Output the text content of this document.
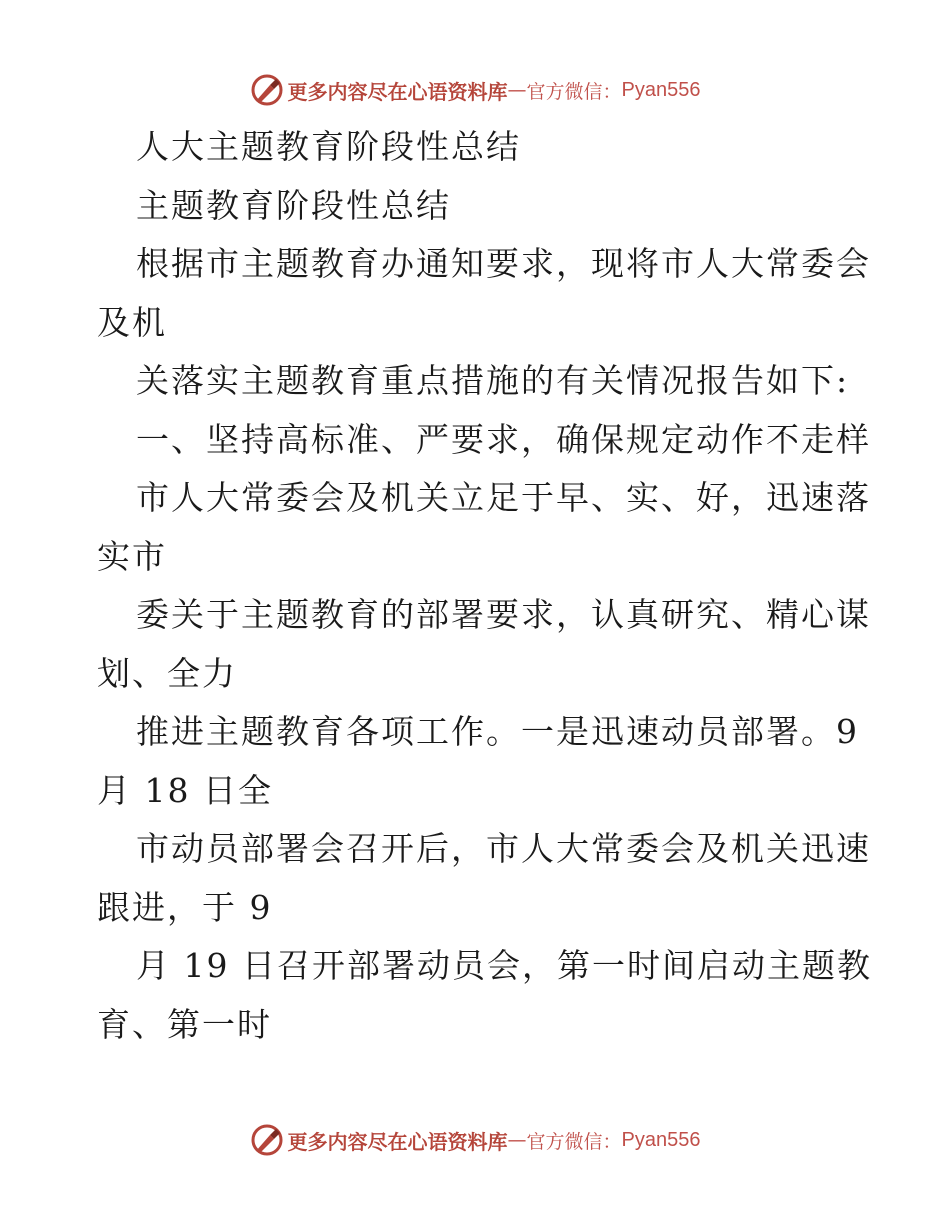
更多内容尽在心语资料库 — 官方微信： Pyan556
人大主题教育阶段性总结
主题教育阶段性总结
根据市主题教育办通知要求，现将市人大常委会
及机
关落实主题教育重点措施的有关情况报告如下:
一、坚持高标准、严要求，确保规定动作不走样
市人大常委会及机关立足于早、实、好，迅速落
实市
委关于主题教育的部署要求，认真研究、精心谋
划、全力
推进主题教育各项工作。一是迅速动员部署。9
月 18 日全
市动员部署会召开后，市人大常委会及机关迅速
跟进，于 9
月 19 日召开部署动员会，第一时间启动主题教
育、第一时
更多内容尽在心语资料库 — 官方微信： Pyan556
